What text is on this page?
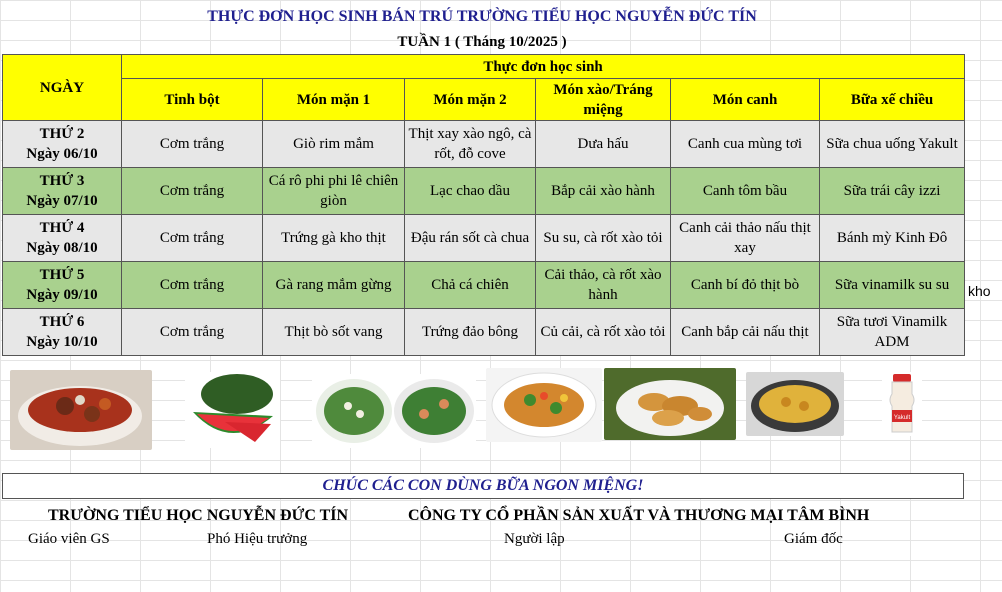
THỰC ĐƠN HỌC SINH BÁN TRÚ TRƯỜNG TIỂU HỌC NGUYỄN ĐỨC TÍN
TUẦN 1 ( Tháng 10/2025 )
NGÀY	Thực đơn học sinh					
	Tinh bột	Món mặn 1	Món mặn 2	Món xào/Tráng miệng	Món canh	Bữa xế chiều

THỨ 2
Ngày 06/10	Cơm trắng	Giò rim mắm	Thịt xay xào ngô, cà rốt, đỗ cove	Dưa hấu	Canh cua mùng tơi	Sữa chua uống Yakult

THỨ 3
Ngày 07/10	Cơm trắng	Cá rô phi phi lê chiên giòn	Lạc chao dầu	Bắp cải xào hành	Canh tôm bầu	Sữa trái cây izzi

THỨ 4
Ngày 08/10	Cơm trắng	Trứng gà kho thịt	Đậu rán sốt cà chua	Su su, cà rốt xào tỏi	Canh cải thảo nấu thịt xay	Bánh mỳ Kinh Đô

THỨ 5
Ngày 09/10	Cơm trắng	Gà rang mắm gừng	Chả cá chiên	Cải thảo, cà rốt xào hành	Canh bí đỏ thịt bò	Sữa vinamilk su su

THỨ 6
Ngày 10/10	Cơm trắng	Thịt bò sốt vang	Trứng đảo bông	Củ cải, cà rốt xào tỏi	Canh bắp cải nấu thịt	Sữa tươi Vinamilk ADM
kho
Yakult
CHÚC CÁC CON DÙNG BỮA NGON MIỆNG!
TRƯỜNG TIỂU HỌC NGUYỄN ĐỨC TÍN	CÔNG TY CỔ PHẦN SẢN XUẤT VÀ THƯƠNG MẠI TÂM BÌNH
Giáo viên GS	Phó Hiệu trưởng	Người lập	Giám đốc
